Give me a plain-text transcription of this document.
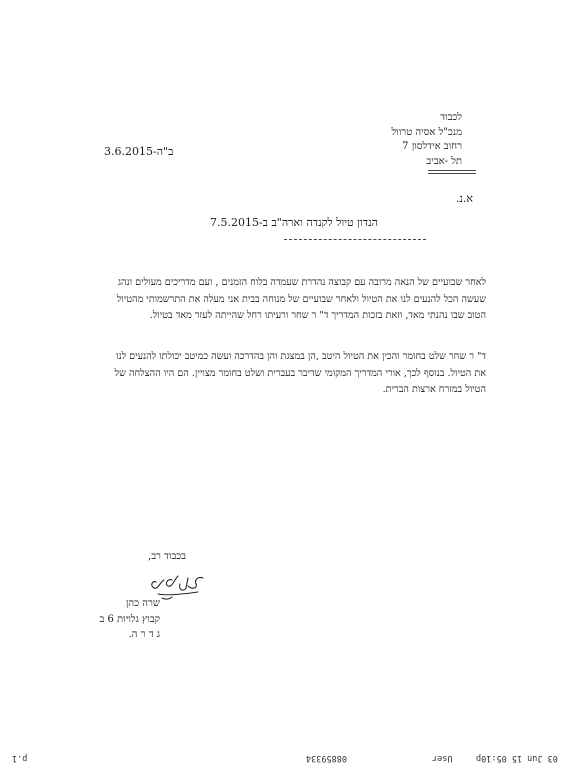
לכבוד
מנכ"ל אסיה טרוול
רחוב אידלסון 7
תל -אביב
ב"ה-3.6.2015
א.נ.
הנדון טיול לקנדה וארה"ב ב-7.5.2015
לאחר שבועיים של הנאה מרובה עם קבוצה נהדרת שעמדה בלוח הזמנים , ועם מדריכים מעולים ונהג
שעשה הכל להנעים לנו את הטיול ולאחר שבועיים של מנוחה בבית אני מעלה את התרשמותי מהטיול
הטוב שבו נהנתי מאד, וזאת בזכות המדריך ד" ר שחר ורעיתו רחל שהייתה לעזר מאד בטיול.
ד" ר שחר שלט בחומר והכין את הטיול היטב ,הן במצגת והן בהדרכה ועשה כמיטב יכולתו להנעים לנו
את הטיול. בנוסף לכך, אורי המדריך המקומי שדיבר בעברית ושלט בחומר מצויין. הם היו ההצלחה של
הטיול במזרח ארצות הברית.
בכבוד רב,
שרה כהן
קבוץ גלויות 6 ב
ג ד ר ה.
03 Jun 15 05:10p
User
08859334
p.1
